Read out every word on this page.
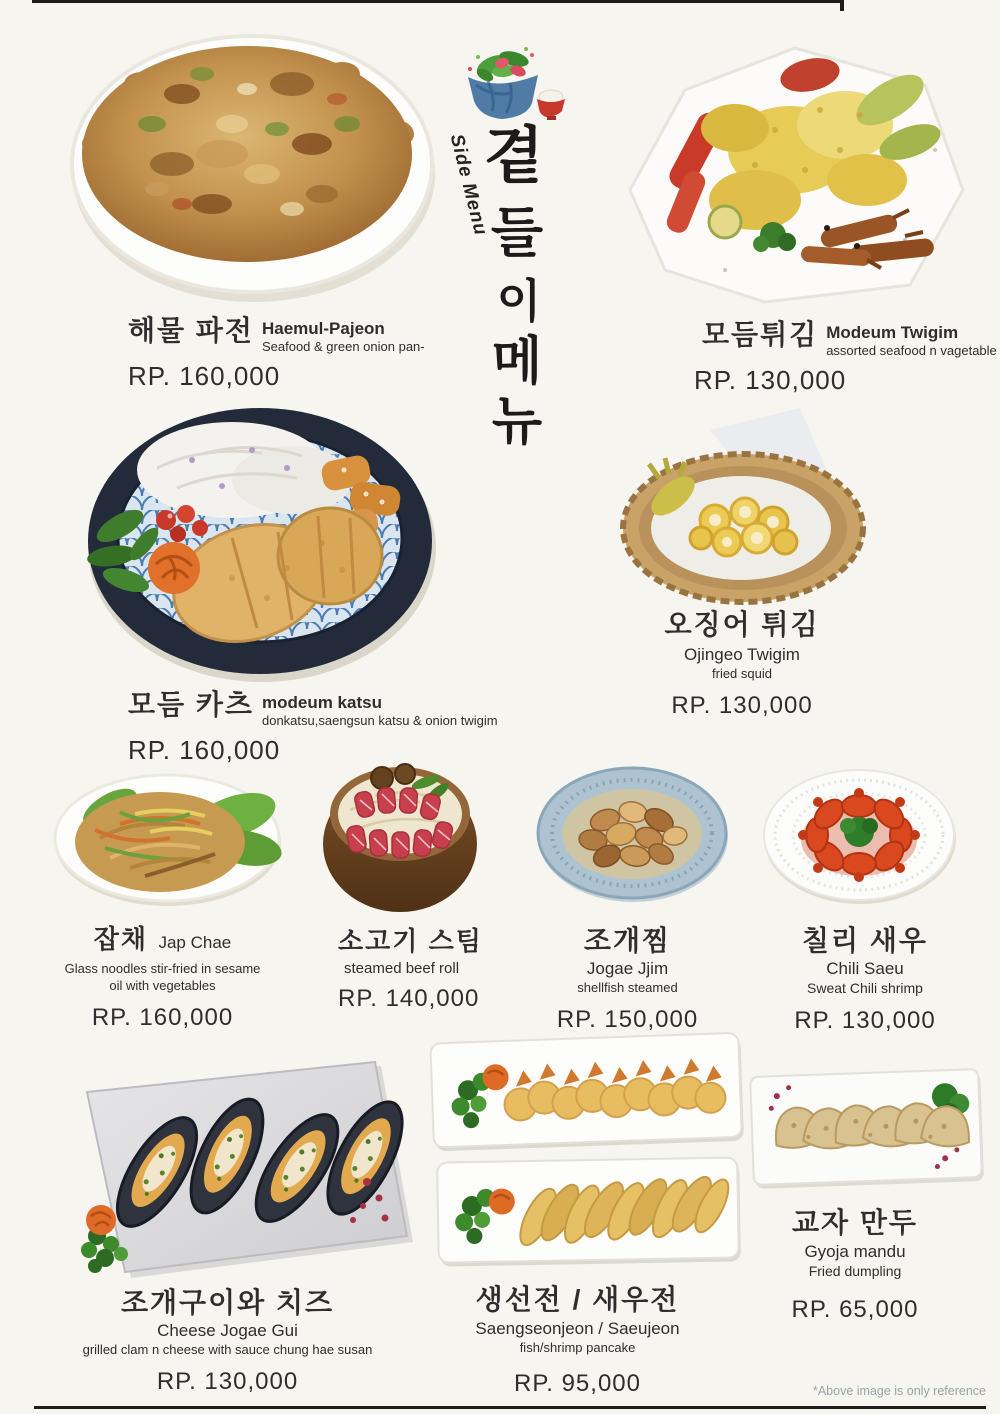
Side Menu
곁
들
이
메
뉴
해물 파전 Haemul-Pajeon
Seafood & green onion pan-
RP. 160,000
모듬튀김 Modeum Twigim
assorted seafood n vagetable
RP. 130,000
오징어 튀김
Ojingeo Twigim
fried squid
RP. 130,000
모듬 카츠 modeum katsu
donkatsu,saengsun katsu & onion twigim
RP. 160,000
잡채 Jap Chae
Glass noodles stir-fried in sesame
oil with vegetables
RP. 160,000
소고기 스팀
steamed beef roll
RP. 140,000
조개찜
Jogae Jjim
shellfish steamed
RP. 150,000
칠리 새우
Chili Saeu
Sweat Chili shrimp
RP. 130,000
조개구이와 치즈
Cheese Jogae Gui
grilled clam n cheese with sauce chung hae susan
RP. 130,000
생선전 / 새우전
Saengseonjeon / Saeujeon
fish/shrimp pancake
RP. 95,000
교자 만두
Gyoja mandu
Fried dumpling
RP. 65,000
*Above image is only reference
